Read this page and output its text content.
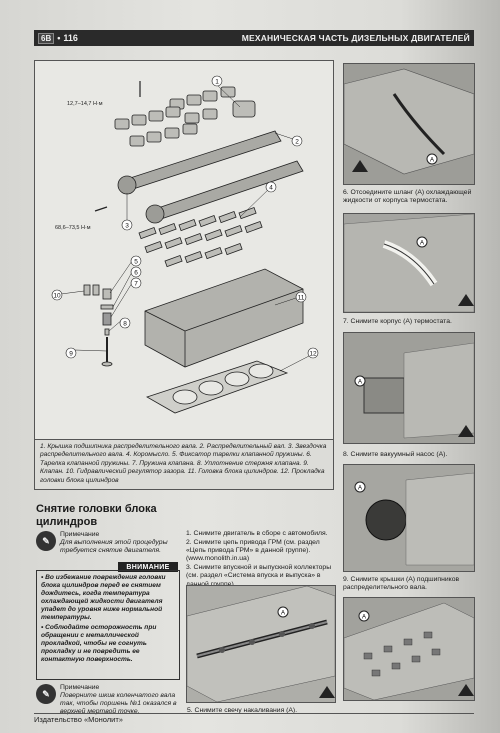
6В • 116	МЕХАНИЧЕСКАЯ ЧАСТЬ ДИЗЕЛЬНЫХ ДВИГАТЕЛЕЙ
12,7–14,7 Н·м
68,6–73,5 Н·м
1
2
3
4
5
6
7
8
9
10	11
12

1. Крышка подшипника распределительного вала. 2. Распределительный вал. 3. Звездочка распределительного вала. 4. Коромысло. 5. Фиксатор тарелки клапанной пружины. 6. Тарелка клапанной пружины. 7. Пружина клапана. 8. Уплотнение стержня клапана. 9. Клапан. 10. Гидравлический регулятор зазора. 11. Головка блока цилиндров. 12. Прокладка головки блока цилиндров

A
6. Отсоедините шланг (А) охлаждающей жидкости от корпуса термостата.
A
7. Снимите корпус (А) термостата.
A
8. Снимите вакуумный насос (А).
A
9. Снимите крышки (А) подшипников распределительного вала.
A
Снятие головки блока цилиндров
✎
Примечание
Для выполнения этой процедуры требуется снятие двигателя.
ВНИМАНИЕ

• Во избежание повреждения головки блока цилиндров перед ее снятием дождитесь, когда температура охлаждающей жидкости двигателя упадет до уровня ниже нормальной температуры.

• Соблюдайте осторожность при обращении с металлической прокладкой, чтобы не согнуть прокладку и не повредить ее контактную поверхность.

✎
Примечание
Поверните шкив коленчатого вала так, чтобы поршень №1 оказался в верхней мертвой точке.

1. Снимите двигатель в сборе с автомобиля.

2. Снимите цепь привода ГРМ (см. раздел «Цепь привода ГРМ» в данной группе). (www.monolith.in.ua)

3. Снимите впускной и выпускной коллекторы (см. раздел «Система впуска и выпуска» в

A
5. Снимите свечу накаливания (А).
Издательство «Монолит»
